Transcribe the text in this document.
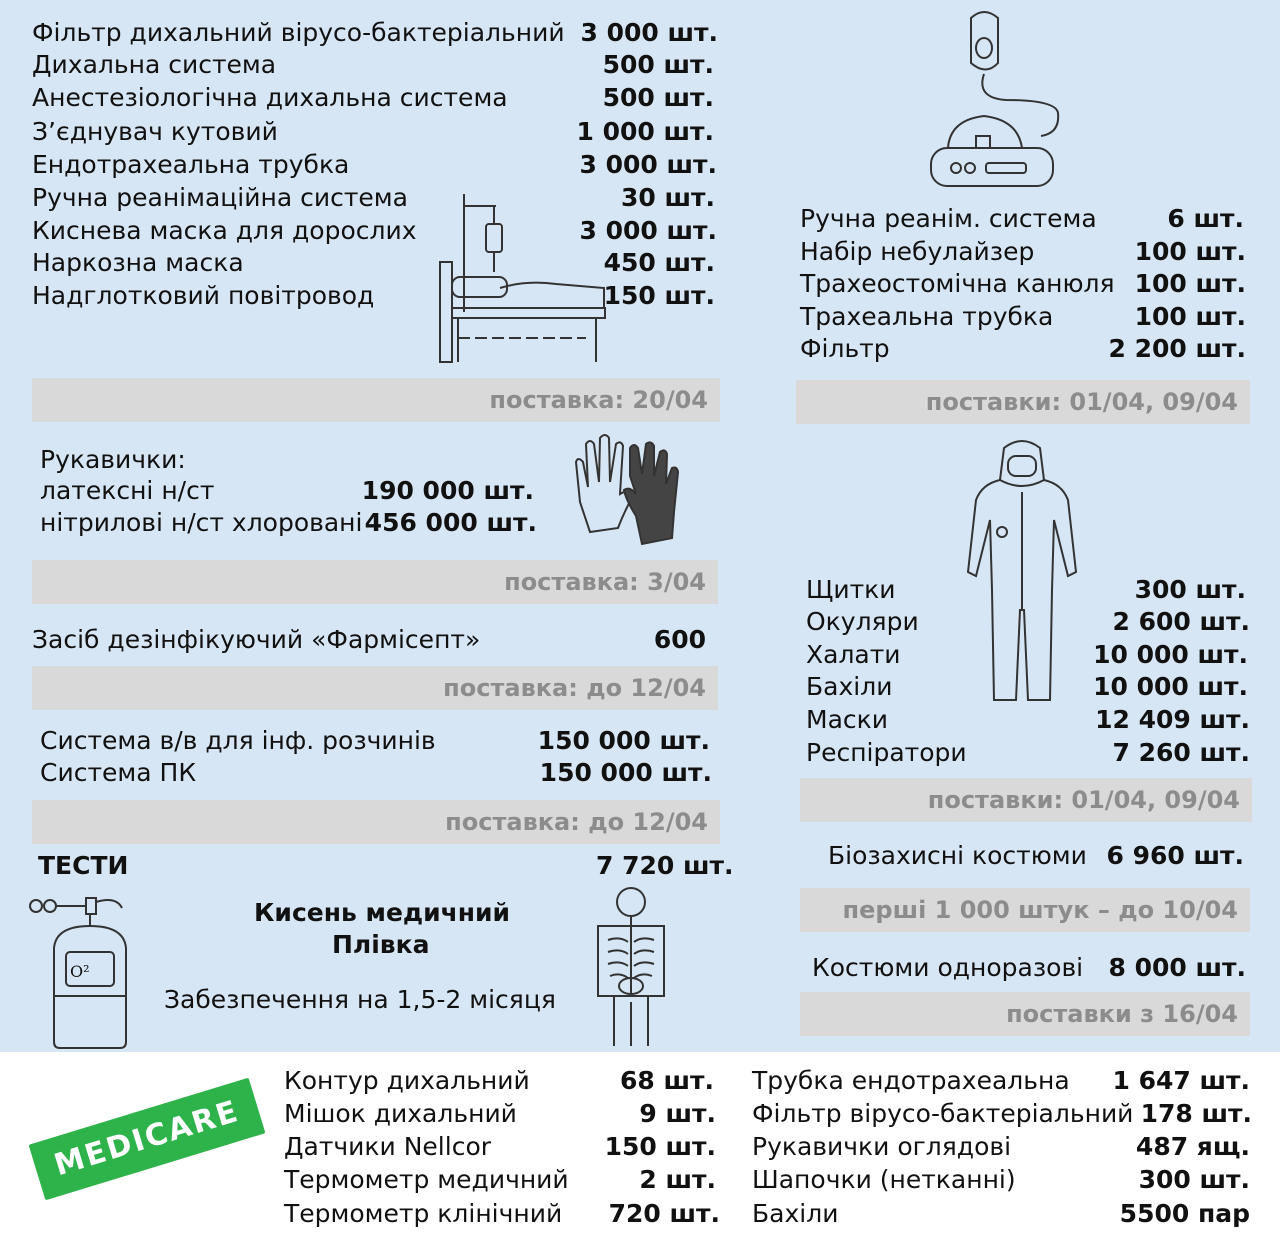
Фільтр дихальний вірусо-бактеріальний 3 000 шт.
Дихальна система	500 шт.
Анестезіологічна дихальна система	500 шт.
З’єднувач кутовий	1 000 шт.
Ендотрахеальна трубка	3 000 шт.
Ручна реанімаційна система	30 шт.
Киснева маска для дорослих	3 000 шт.
Наркозна маска	450 шт.
Надглотковий повітровод	150 шт.
поставка: 20/04
Ручна реанім. система	6 шт.
Набір небулайзер	100 шт.
Трахеостомічна канюля 100 шт.
Трахеальна трубка	100 шт.
Фільтр	2 200 шт.
поставки: 01/04, 09/04
Рукавички:
латексні н/ст	190 000 шт.
нітрилові н/ст хлоровані 456 000 шт.
поставка: 3/04
Засіб дезінфікуючий «Фармісепт»	600
поставка: до 12/04
Система в/в для інф. розчинів	150 000 шт.
Система ПК	150 000 шт.
поставка: до 12/04
ТЕСТИ	7 720 шт.
Кисень медичний
Плівка
Забезпечення на 1,5-2 місяця
O²
Щитки	300 шт.
Окуляри	2 600 шт.
Халати	10 000 шт.
Бахіли	10 000 шт.
Маски	12 409 шт.
Респіратори	7 260 шт.
поставки: 01/04, 09/04
Біозахисні костюми 6 960 шт.
перші 1 000 штук – до 10/04
Костюми одноразові 8 000 шт.
поставки з 16/04
MEDICARE
Контур дихальний	68 шт.
Мішок дихальний	9 шт.
Датчики Nellcor	150 шт.
Термометр медичний	2 шт.
Термометр клінічний 720 шт.
Трубка ендотрахеальна 1 647 шт.
Фільтр вірусо-бактеріальний 178 шт.
Рукавички оглядові	487 ящ.
Шапочки (нетканні)	300 шт.
Бахіли	5500 пар
